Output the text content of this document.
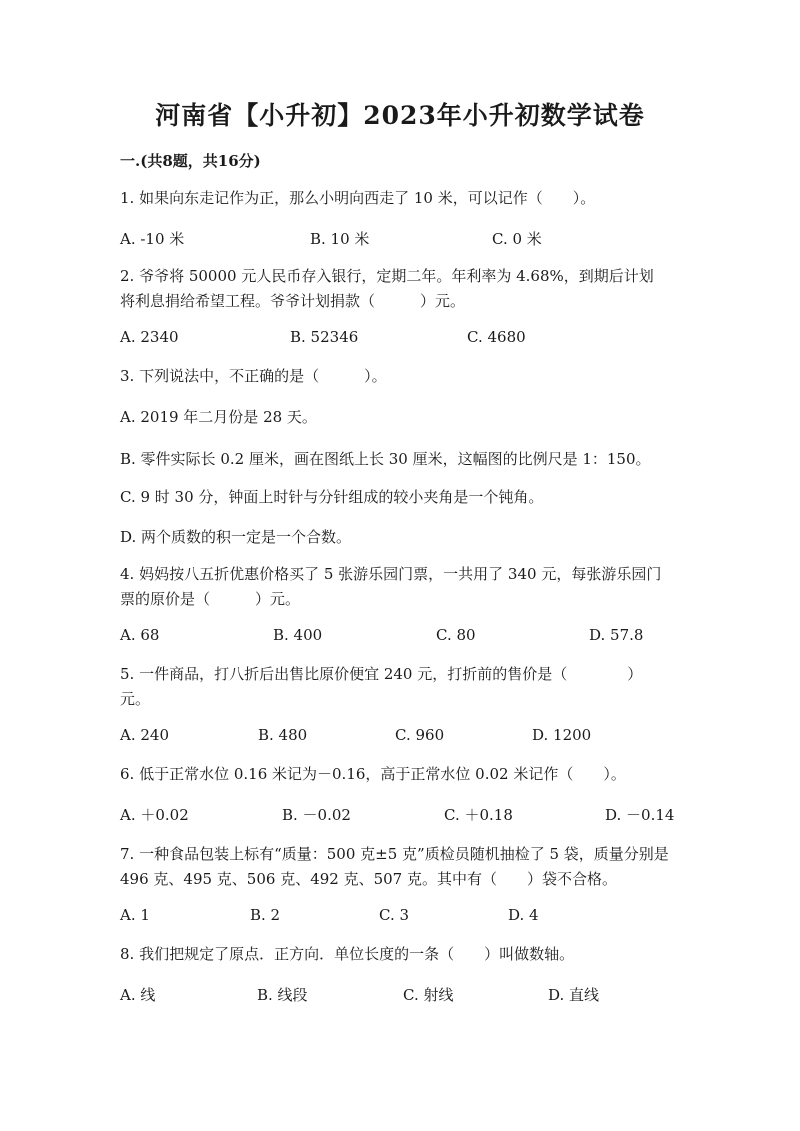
河南省【小升初】2023年小升初数学试卷
一.(共8题，共16分)
1. 如果向东走记作为正，那么小明向西走了 10 米，可以记作（　　）。
A. -10 米	B. 10 米	C. 0 米
2. 爷爷将 50000 元人民币存入银行，定期二年。年利率为 4.68%，到期后计划将利息捐给希望工程。爷爷计划捐款（　　　）元。
A. 2340	B. 52346	C. 4680
3. 下列说法中，不正确的是（　　　）。
A. 2019 年二月份是 28 天。
B. 零件实际长 0.2 厘米，画在图纸上长 30 厘米，这幅图的比例尺是 1：150。
C. 9 时 30 分，钟面上时针与分针组成的较小夹角是一个钝角。
D. 两个质数的积一定是一个合数。
4. 妈妈按八五折优惠价格买了 5 张游乐园门票，一共用了 340 元，每张游乐园门票的原价是（　　　）元。
A. 68	B. 400	C. 80	D. 57.8
5. 一件商品，打八折后出售比原价便宜 240 元，打折前的售价是（　　　　）元。
A. 240	B. 480	C. 960	D. 1200
6. 低于正常水位 0.16 米记为－0.16，高于正常水位 0.02 米记作（　　）。
A. ＋0.02	B. －0.02	C. ＋0.18	D. －0.14
7. 一种食品包装上标有“质量：500 克±5 克”质检员随机抽检了 5 袋，质量分别是 496 克、495 克、506 克、492 克、507 克。其中有（　　）袋不合格。
A. 1	B. 2	C. 3	D. 4
8. 我们把规定了原点．正方向．单位长度的一条（　　）叫做数轴。
A. 线	B. 线段	C. 射线	D. 直线
